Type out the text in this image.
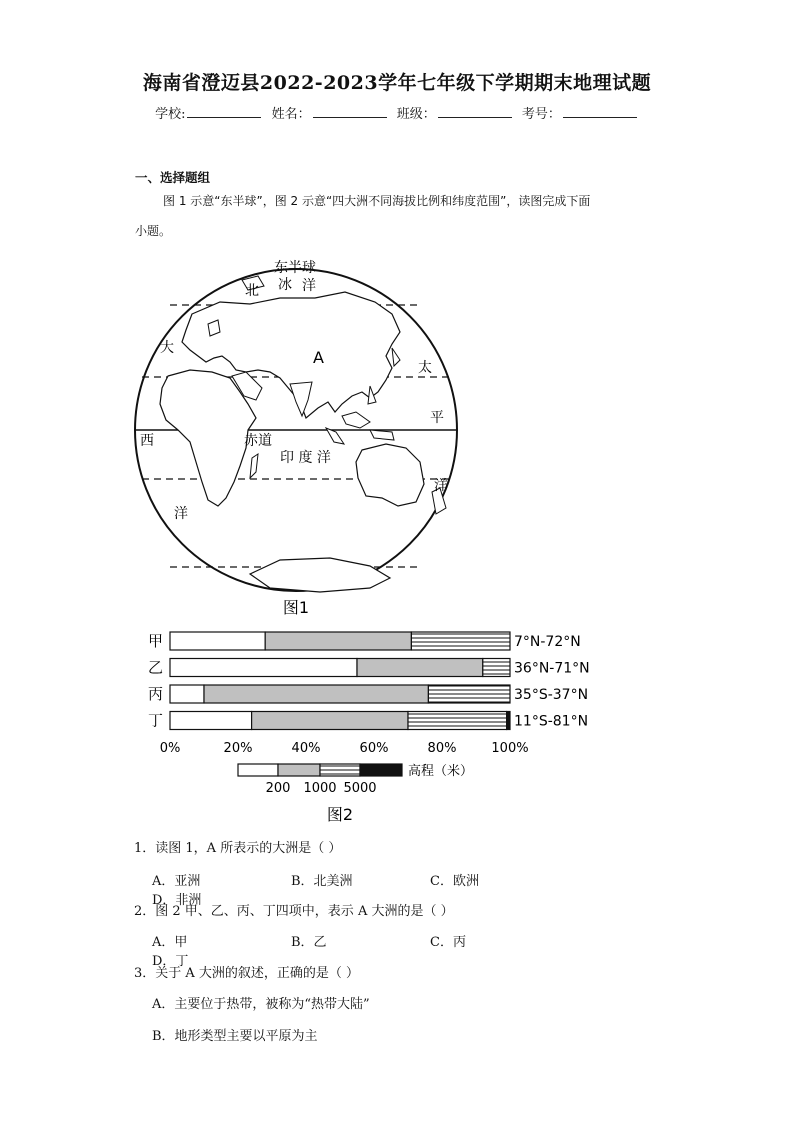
海南省澄迈县2022-2023学年七年级下学期期末地理试题
学校:	姓名：	班级：	考号：
一、选择题组
图 1 示意“东半球”，图 2 示意“四大洲不同海拔比例和纬度范围”，读图完成下面
小题。
东半球
北 冰 洋
大	A
太
平
西	赤道
印 度 洋
洋
洋
图1
甲	7°N-72°N
乙	36°N-71°N
丙	35°S-37°N
丁	11°S-81°N
0%	20%	40%	60%	80%	100%
高程（米）
200 1000 5000
图2
1．读图 1，A 所表示的大洲是（ ）
A．亚洲	B．北美洲	C．欧洲D．非洲
2．图 2 甲、乙、丙、丁四项中，表示 A 大洲的是（ ）
A．甲	B．乙	C．丙D．丁
3．关于 A 大洲的叙述，正确的是（ ）
A．主要位于热带，被称为“热带大陆”
B．地形类型主要以平原为主
